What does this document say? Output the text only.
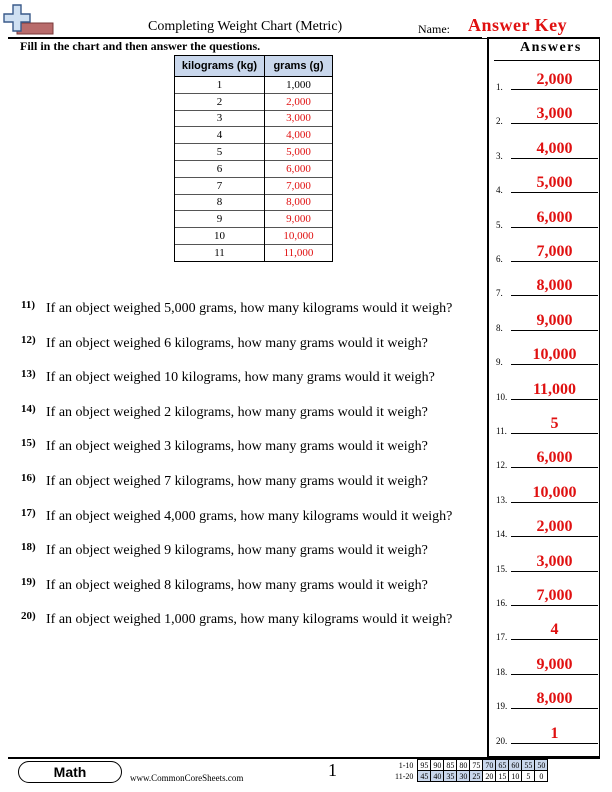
Completing Weight Chart (Metric)	Name: Answer Key
Fill in the chart and then answer the questions.
kilograms (kg)	grams (g)
1	1,000
2	2,000
3	3,000
4	4,000
5	5,000
6	6,000
7	7,000
8	8,000
9	9,000
10	10,000
11	11,000
11) If an object weighed 5,000 grams, how many kilograms would it weigh?
12) If an object weighed 6 kilograms, how many grams would it weigh?
13) If an object weighed 10 kilograms, how many grams would it weigh?
14) If an object weighed 2 kilograms, how many grams would it weigh?
15) If an object weighed 3 kilograms, how many grams would it weigh?
16) If an object weighed 7 kilograms, how many grams would it weigh?
17) If an object weighed 4,000 grams, how many kilograms would it weigh?
18) If an object weighed 9 kilograms, how many grams would it weigh?
19) If an object weighed 8 kilograms, how many grams would it weigh?
20) If an object weighed 1,000 grams, how many kilograms would it weigh?
Answers
1.	2,000
2.	3,000
3.	4,000
4.	5,000
5.	6,000
6.	7,000
7.	8,000
8.	9,000
9.	10,000
10.	11,000
11.	5
12.	6,000
13.	10,000
14.	2,000
15.	3,000
16.	7,000
17.	4
18.	9,000
19.	8,000
20.	1
Math	www.CommonCoreSheets.com	1	1-10	95	90	85	80	75	70	65	60	55	50
11-20	45	40	35	30	25	20	15	10	5	0
